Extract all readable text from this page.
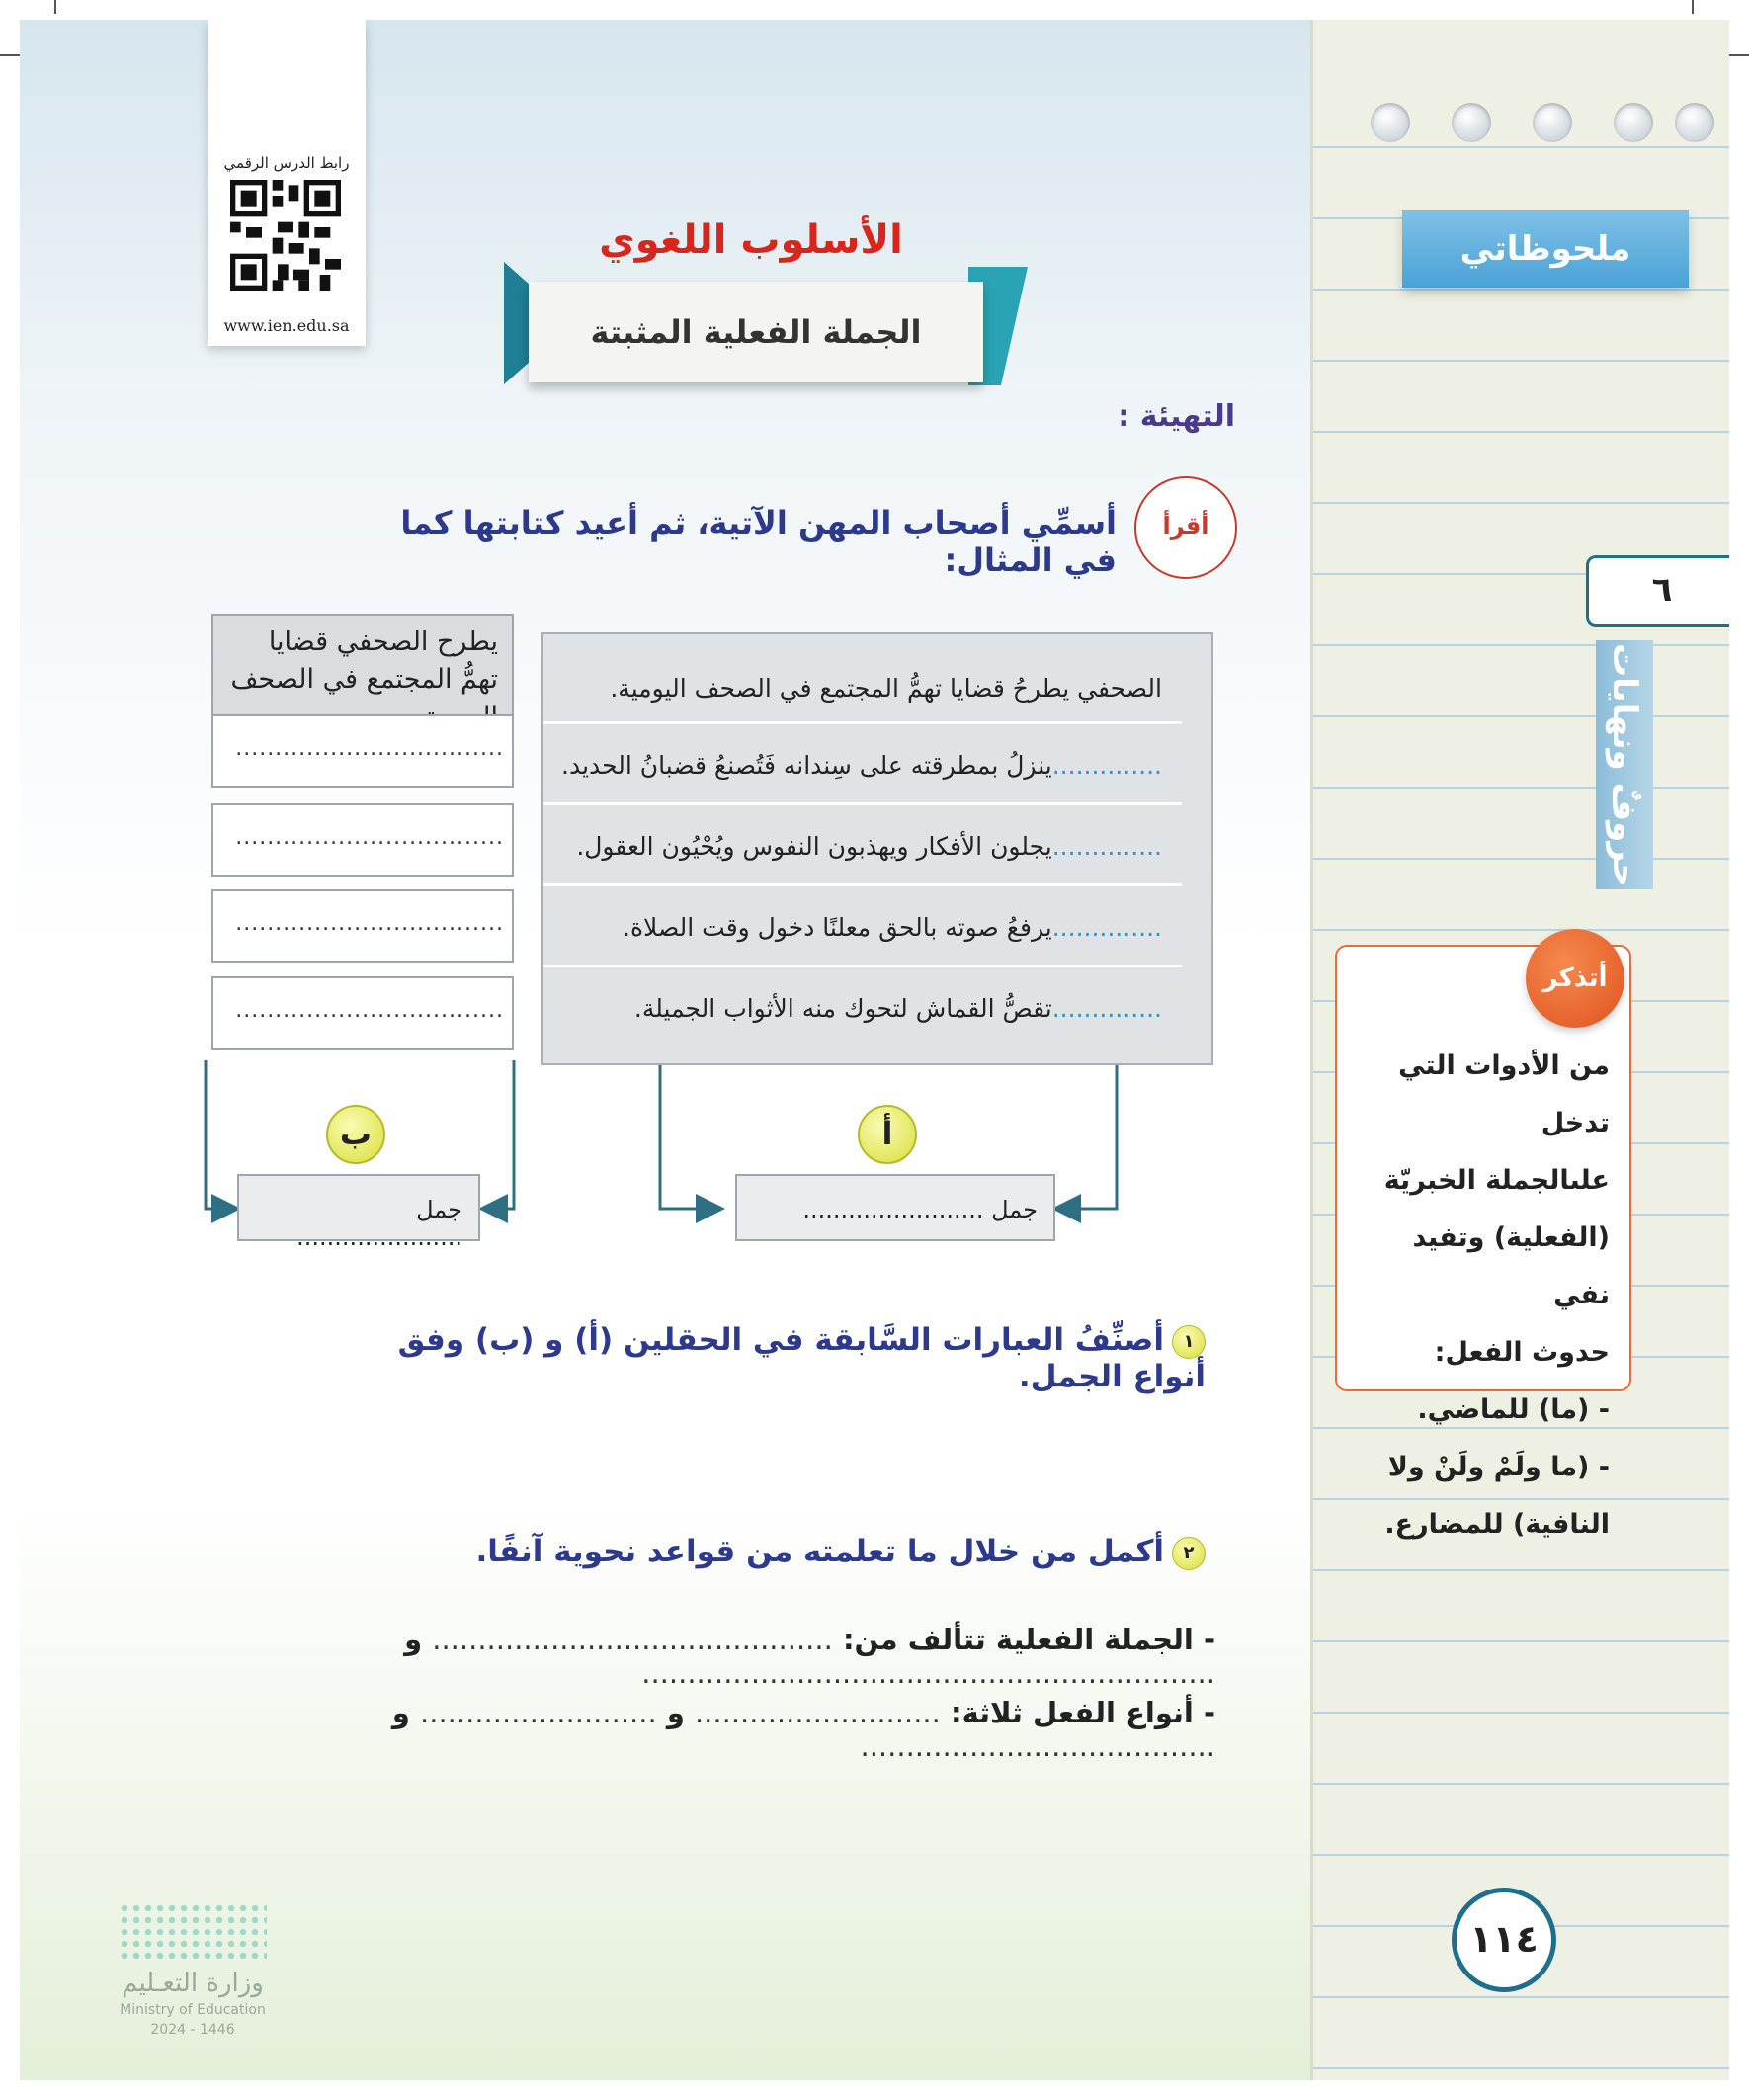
رابط الدرس الرقمي
www.ien.edu.sa
الأسلوب اللغوي
الجملة الفعلية المثبتة
التهيئة :
أقرأ
أسمِّي أصحاب المهن الآتية، ثم أعيد كتابتها كما في المثال:
يطرح الصحفي قضايا تهمُّ المجتمع في الصحف
..................................
..................................
..................................
..................................
الصحفي يطرحُ قضايا تهمُّ المجتمع في الصحف اليومية.
..............ينزلُ بمطرقته على سِندانه فَتُصنعُ قضبانُ الحديد.
..............يجلون الأفكار ويهذبون النفوس ويُحْيُون العقول.
..............يرفعُ صوته بالحق معلنًا دخول وقت الصلاة.
..............تقصُّ القماش لتحوك منه الأثواب الجميلة.
ب	أ
جمل ......................
جمل ........................
١أصنِّفُ العبارات السَّابقة في الحقلين (أ) و (ب) وفق أنواع الجمل.
٢أكمل من خلال ما تعلمته من قواعد نحوية آنفًا.
- الجملة الفعلية تتألف من: ............................................ و ...............................................................
- أنواع الفعل ثلاثة: ........................... و .......................... و .......................................
وزارة التعـليم
Ministry of Education
2024 - 1446
ملحوظاتي
٦
حروفٌ ونهايات
أتذكر
من الأدوات التي تدخل
علىالجملة الخبريّة
(الفعلية) وتفيد نفي
حدوث الفعل:
- (ما) للماضي.
- (ما ولَمْ ولَنْ ولا
النافية) للمضارع.
١١٤
